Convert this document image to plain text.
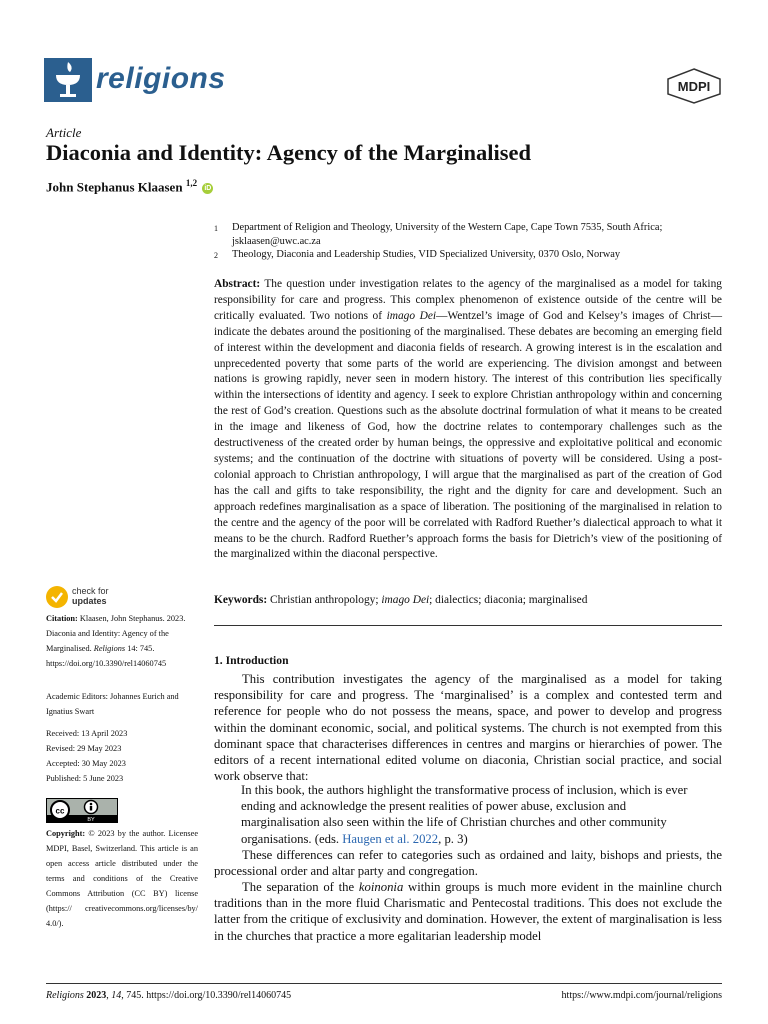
religions	MDPI
Article
Diaconia and Identity: Agency of the Marginalised
John Stephanus Klaasen $^{1,2}$ iD
1 Department of Religion and Theology, University of the Western Cape, Cape Town 7535, South Africa; jsklaasen@uwc.ac.za
2 Theology, Diaconia and Leadership Studies, VID Specialized University, 0370 Oslo, Norway

Abstract: The question under investigation relates to the agency of the marginalised as a model for taking responsibility for care and progress. This complex phenomenon of existence outside of the centre will be critically evaluated. Two notions of imago Dei—Wentzel’s image of God and Kelsey’s images of Christ—indicate the debates around the positioning of the marginalised. These debates are becoming an emerging field of interest within the development and diaconia fields of research. A growing interest is in the escalation and unprecedented poverty that some parts of the world are experiencing. The division amongst and between nations is growing rapidly, never seen in modern history. The interest of this contribution lies specifically within the intersections of identity and agency. I seek to explore Christian anthropology within and concerning the rest of God’s creation. Questions such as the absolute doctrinal formulation of what it means to be created in the image and likeness of God, how the doctrine relates to contemporary challenges such as the destructiveness of the created order by human beings, the oppressive and exploitative political and economic systems; and the continuation of the doctrine with situations of poverty will be considered. Using a post-colonial approach to Christian anthropology, I will argue that the marginalised as part of the creation of God has the call and gifts to take responsibility, the right and the dignity for care and development. Such an approach redefines marginalisation as a space of liberation. The positioning of the marginalised in relation to the centre and the agency of the poor will be correlated with Radford Ruether’s dialectical approach to what it means to be the church. Radford Ruether’s approach forms the basis for Dietrich’s view of the positioning of the marginalized within the diaconal perspective.

Keywords: Christian anthropology; imago Dei; dialectics; diaconia; marginalised

check for
updates

Citation: Klaasen, John Stephanus. 2023. Diaconia and Identity: Agency of the Marginalised. Religions 14: 745. https://doi.org/10.3390/rel14060745

Academic Editors: Johannes Eurich and Ignatius Swart

Received: 13 April 2023
Revised: 29 May 2023
Accepted: 30 May 2023
Published: 5 June 2023
cc
BY

Copyright: © 2023 by the author. Licensee MDPI, Basel, Switzerland. This article is an open access article distributed under the terms and conditions of the Creative Commons Attribution (CC BY) license (https:// creativecommons.org/licenses/by/ 4.0/).

1. Introduction

This contribution investigates the agency of the marginalised as a model for taking responsibility for care and progress. The ‘marginalised’ is a complex and contested term and reference for people who do not possess the means, space, and power to develop and progress within the dominant economic, social, and political systems. The church is not exempted from this dominant space that characterises differences in centres and margins or hierarchies of power. The editors of a recent international edited volume on diaconia, Christian social practice, and social work observe that:

In this book, the authors highlight the transformative process of inclusion, which is ever ending and acknowledge the present realities of power abuse, exclusion and marginalisation also seen within the life of Christian churches and other community organisations. (eds. Haugen et al. 2022, p. 3)

These differences can refer to categories such as ordained and laity, bishops and priests, the processional order and altar party and congregation.

The separation of the koinonia within groups is much more evident in the mainline church traditions than in the more fluid Charismatic and Pentecostal traditions. This does not exclude the latter from the critique of exclusivity and domination. However, the extent of marginalisation is less in the churches that practice a more egalitarian leadership model

Religions 2023, 14, 745. https://doi.org/10.3390/rel14060745	https://www.mdpi.com/journal/religions
